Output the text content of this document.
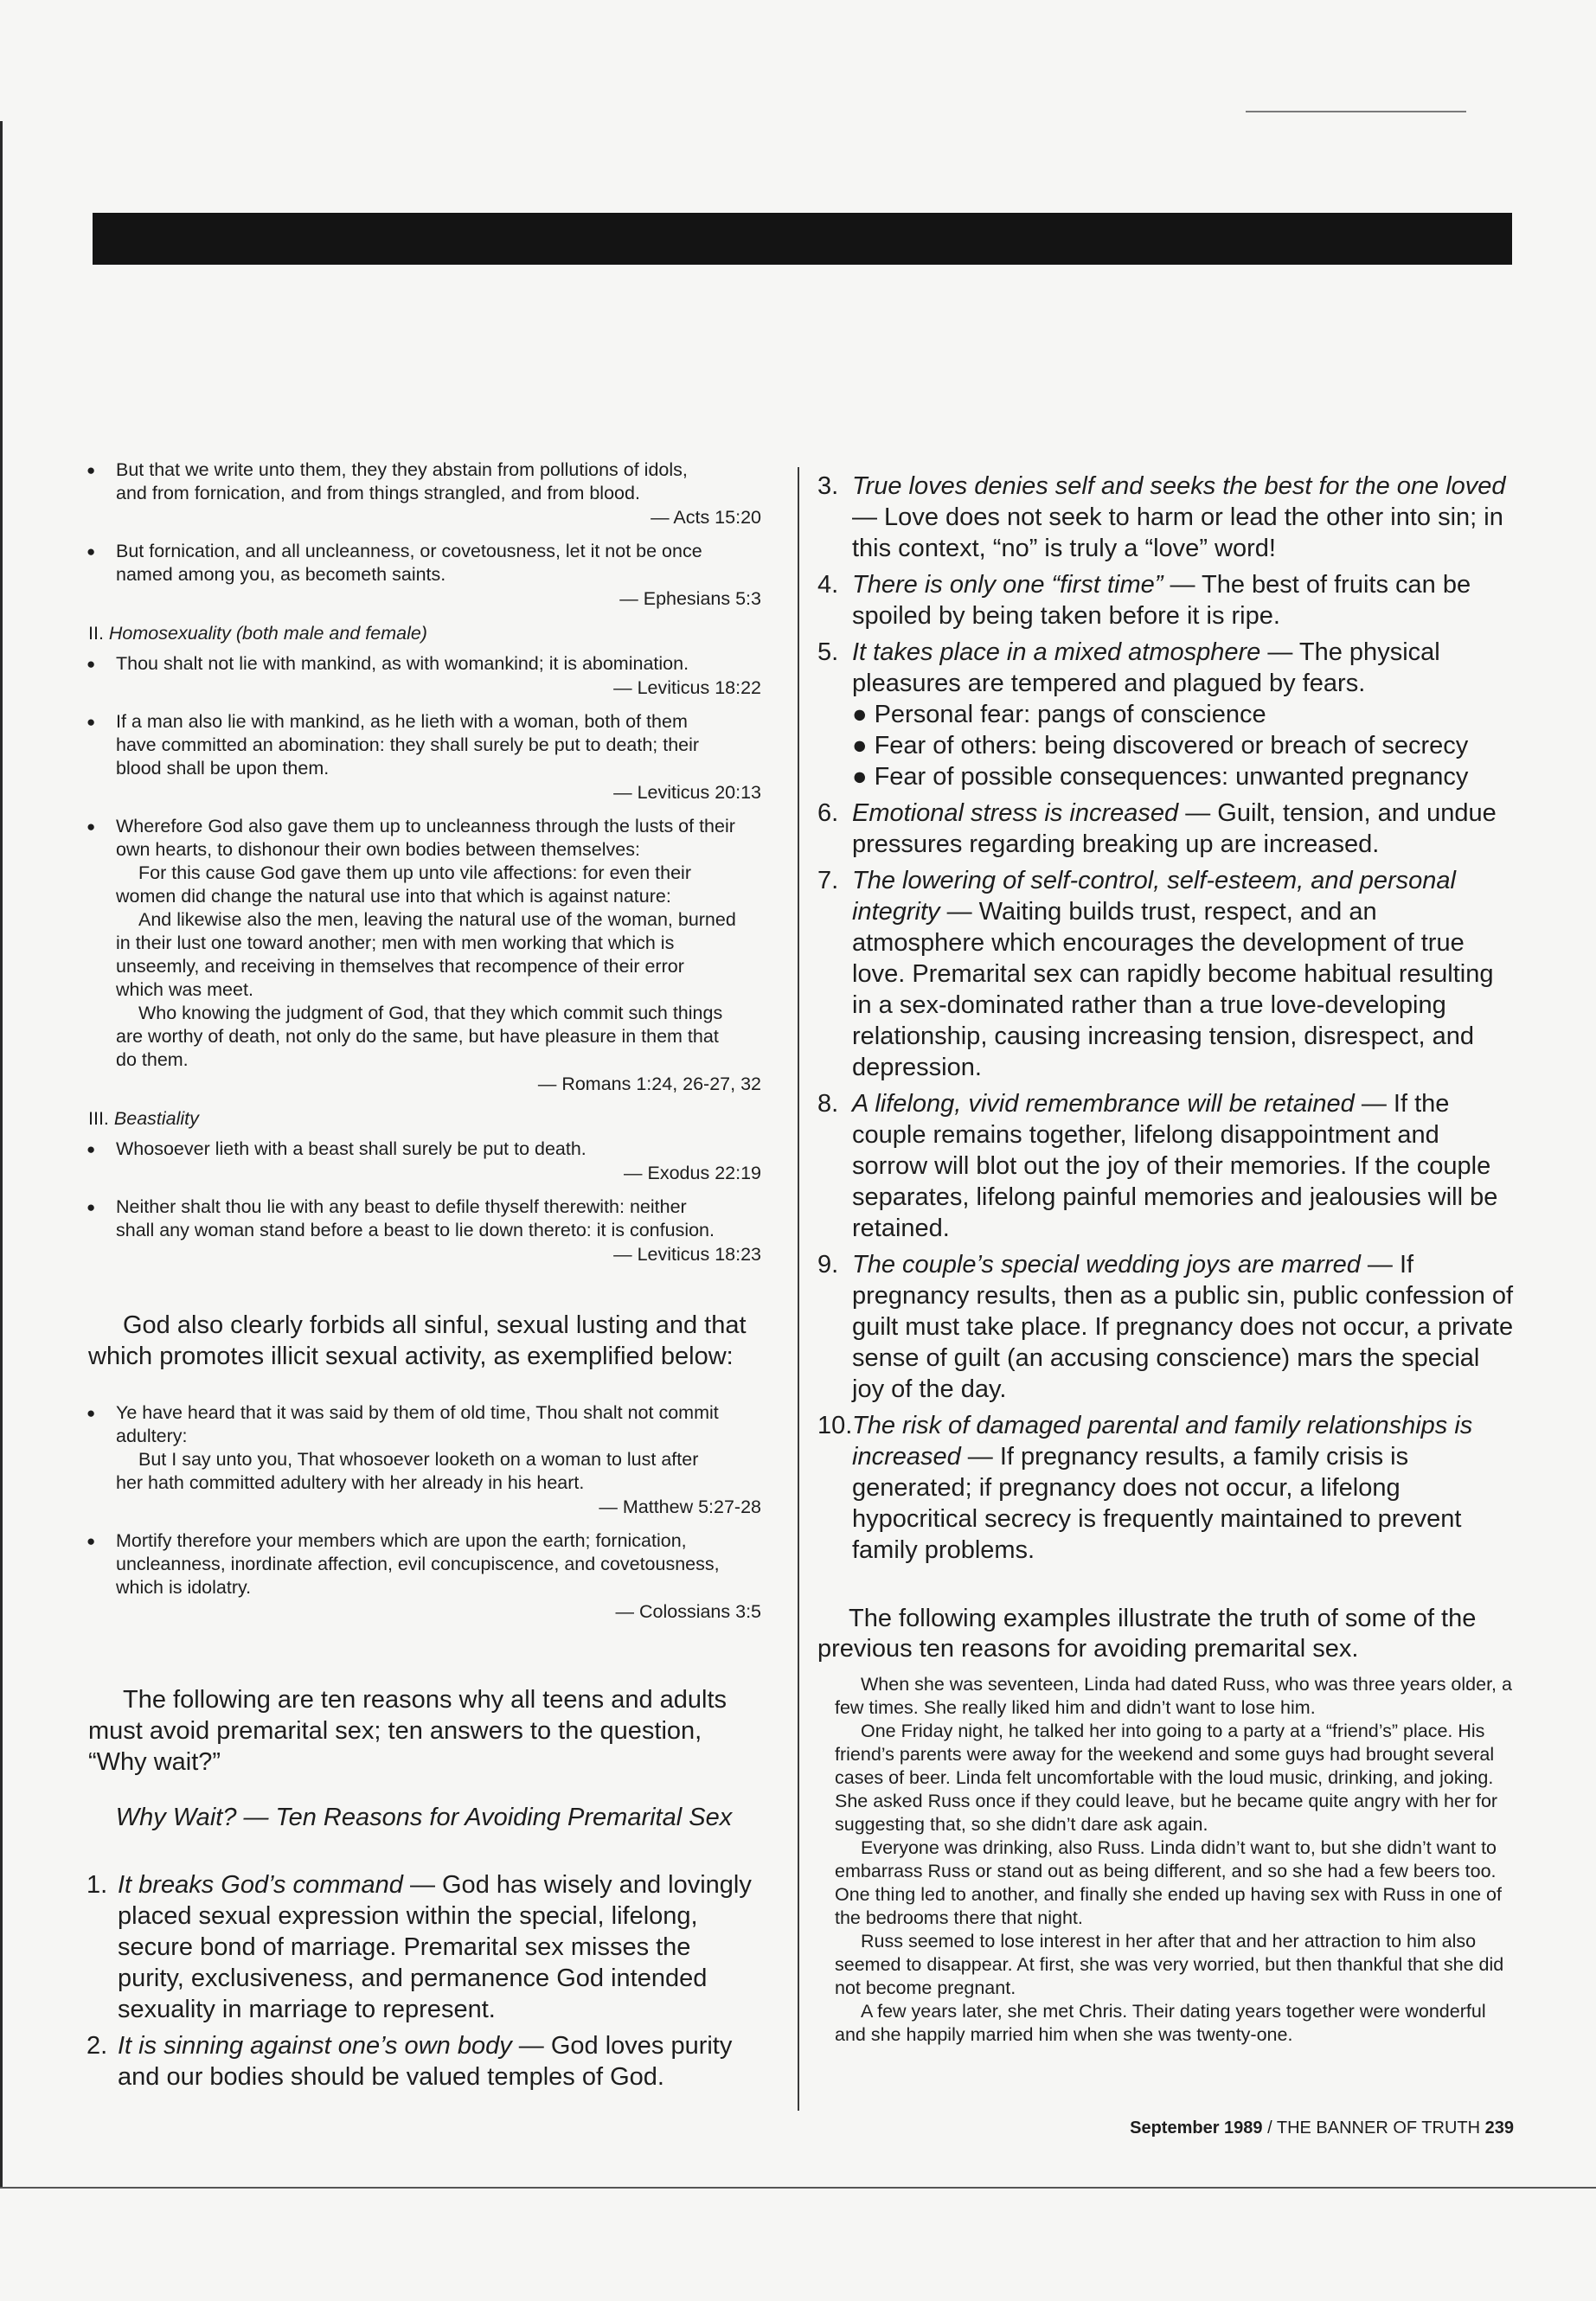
● But that we write unto them, they they abstain from pollutions of idols,
and from fornication, and from things strangled, and from blood.
— Acts 15:20
● But fornication, and all uncleanness, or covetousness, let it not be once
named among you, as becometh saints.
— Ephesians 5:3
II. Homosexuality (both male and female)
● Thou shalt not lie with mankind, as with womankind; it is abomination.
— Leviticus 18:22
● If a man also lie with mankind, as he lieth with a woman, both of them
have committed an abomination: they shall surely be put to death; their
blood shall be upon them.
— Leviticus 20:13
● Wherefore God also gave them up to uncleanness through the lusts of their
own hearts, to dishonour their own bodies between themselves:
For this cause God gave them up unto vile affections: for even their
women did change the natural use into that which is against nature:
And likewise also the men, leaving the natural use of the woman, burned
in their lust one toward another; men with men working that which is
unseemly, and receiving in themselves that recompence of their error
which was meet.
Who knowing the judgment of God, that they which commit such things
are worthy of death, not only do the same, but have pleasure in them that
do them.
— Romans 1:24, 26-27, 32
III. Beastiality
● Whosoever lieth with a beast shall surely be put to death.
— Exodus 22:19
● Neither shalt thou lie with any beast to defile thyself therewith: neither
shall any woman stand before a beast to lie down thereto: it is confusion.
— Leviticus 18:23

God also clearly forbids all sinful, sexual lusting and that which promotes illicit sexual activity, as exemplified below:

● Ye have heard that it was said by them of old time, Thou shalt not commit
adultery:
But I say unto you, That whosoever looketh on a woman to lust after
her hath committed adultery with her already in his heart.
— Matthew 5:27-28
● Mortify therefore your members which are upon the earth; fornication,
uncleanness, inordinate affection, evil concupiscence, and covetousness,
which is idolatry.
— Colossians 3:5

The following are ten reasons why all teens and adults must avoid premarital sex; ten answers to the question, “Why wait?”

Why Wait? — Ten Reasons for Avoiding Premarital Sex
1. It breaks God’s command — God has wisely and lovingly placed sexual expression within the special, lifelong, secure bond of marriage. Premarital sex misses the purity, exclusiveness, and permanence God intended sexuality in marriage to represent.
2. It is sinning against one’s own body — God loves purity and our bodies should be valued temples of God.
3. True loves denies self and seeks the best for the one loved — Love does not seek to harm or lead the other into sin; in this context, “no” is truly a “love” word!
4. There is only one “first time” — The best of fruits can be spoiled by being taken before it is ripe.
5. It takes place in a mixed atmosphere — The physical pleasures are tempered and plagued by fears.
● Personal fear: pangs of conscience
● Fear of others: being discovered or breach of secrecy
● Fear of possible consequences: unwanted pregnancy
6. Emotional stress is increased — Guilt, tension, and undue pressures regarding breaking up are increased.
7. The lowering of self-control, self-esteem, and personal integrity — Waiting builds trust, respect, and an atmosphere which encourages the development of true love. Premarital sex can rapidly become habitual resulting in a sex-dominated rather than a true love-developing relationship, causing increasing tension, disrespect, and depression.
8. A lifelong, vivid remembrance will be retained — If the couple remains together, lifelong disappointment and sorrow will blot out the joy of their memories. If the couple separates, lifelong painful memories and jealousies will be retained.
9. The couple’s special wedding joys are marred — If pregnancy results, then as a public sin, public confession of guilt must take place. If pregnancy does not occur, a private sense of guilt (an accusing conscience) mars the special joy of the day.
10. The risk of damaged parental and family relationships is increased — If pregnancy results, a family crisis is generated; if pregnancy does not occur, a lifelong hypocritical secrecy is frequently maintained to prevent family problems.

The following examples illustrate the truth of some of the previous ten reasons for avoiding premarital sex.

When she was seventeen, Linda had dated Russ, who was three years older, a few times. She really liked him and didn’t want to lose him.

One Friday night, he talked her into going to a party at a “friend’s” place. His friend’s parents were away for the weekend and some guys had brought several cases of beer. Linda felt uncomfortable with the loud music, drinking, and joking. She asked Russ once if they could leave, but he became quite angry with her for suggesting that, so she didn’t dare ask again.

Everyone was drinking, also Russ. Linda didn’t want to, but she didn’t want to embarrass Russ or stand out as being different, and so she had a few beers too. One thing led to another, and finally she ended up having sex with Russ in one of the bedrooms there that night.

Russ seemed to lose interest in her after that and her attraction to him also seemed to disappear. At first, she was very worried, but then thankful that she did not become pregnant.

A few years later, she met Chris. Their dating years together were wonderful and she happily married him when she was twenty-one.

September 1989 / THE BANNER OF TRUTH 239
